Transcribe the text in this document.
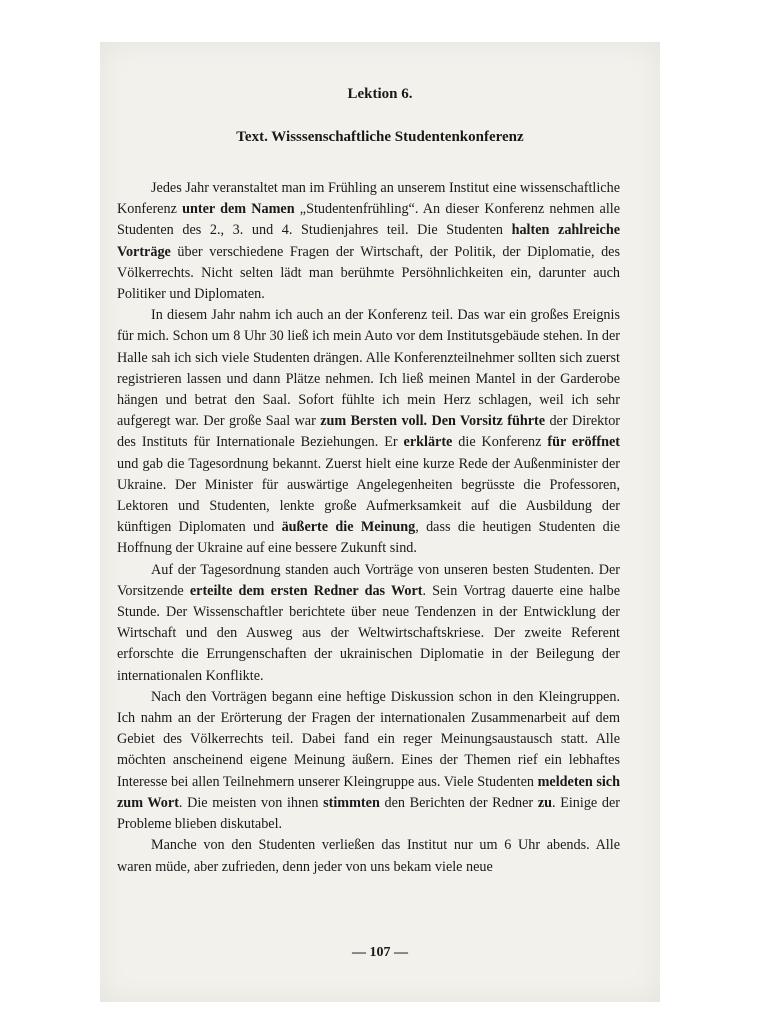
Lektion 6.
Text. Wisssenschaftliche Studentenkonferenz

Jedes Jahr veranstaltet man im Frühling an unserem Institut eine wissenschaftliche Konferenz unter dem Namen „Studentenfrühling“. An dieser Konferenz nehmen alle Studenten des 2., 3. und 4. Studienjahres teil. Die Studenten halten zahlreiche Vorträge über verschiedene Fragen der Wirtschaft, der Politik, der Diplomatie, des Völkerrechts. Nicht selten lädt man berühmte Persöhnlichkeiten ein, darunter auch Politiker und Diplomaten.

In diesem Jahr nahm ich auch an der Konferenz teil. Das war ein großes Ereignis für mich. Schon um 8 Uhr 30 ließ ich mein Auto vor dem Institutsgebäude stehen. In der Halle sah ich sich viele Studenten drängen. Alle Konferenzteilnehmer sollten sich zuerst registrieren lassen und dann Plätze nehmen. Ich ließ meinen Mantel in der Garderobe hängen und betrat den Saal. Sofort fühlte ich mein Herz schlagen, weil ich sehr aufgeregt war. Der große Saal war zum Bersten voll. Den Vorsitz führte der Direktor des Instituts für Internationale Beziehungen. Er erklärte die Konferenz für eröffnet und gab die Tagesordnung bekannt. Zuerst hielt eine kurze Rede der Außenminister der Ukraine. Der Minister für auswärtige Angelegenheiten begrüsste die Professoren, Lektoren und Studenten, lenkte große Aufmerksamkeit auf die Ausbildung der künftigen Diplomaten und äußerte die Meinung, dass die heutigen Studenten die Hoffnung der Ukraine auf eine bessere Zukunft sind.

Auf der Tagesordnung standen auch Vorträge von unseren besten Studenten. Der Vorsitzende erteilte dem ersten Redner das Wort. Sein Vortrag dauerte eine halbe Stunde. Der Wissenschaftler berichtete über neue Tendenzen in der Entwicklung der Wirtschaft und den Ausweg aus der Weltwirtschaftskriese. Der zweite Referent erforschte die Errungenschaften der ukrainischen Diplomatie in der Beilegung der internationalen Konflikte.

Nach den Vorträgen begann eine heftige Diskussion schon in den Kleingruppen. Ich nahm an der Erörterung der Fragen der internationalen Zusammenarbeit auf dem Gebiet des Völkerrechts teil. Dabei fand ein reger Meinungsaustausch statt. Alle möchten anscheinend eigene Meinung äußern. Eines der Themen rief ein lebhaftes Interesse bei allen Teilnehmern unserer Kleingruppe aus. Viele Studenten meldeten sich zum Wort. Die meisten von ihnen stimmten den Berichten der Redner zu. Einige der Probleme blieben diskutabel.

Manche von den Studenten verließen das Institut nur um 6 Uhr abends. Alle waren müde, aber zufrieden, denn jeder von uns bekam viele neue

— 107 —
